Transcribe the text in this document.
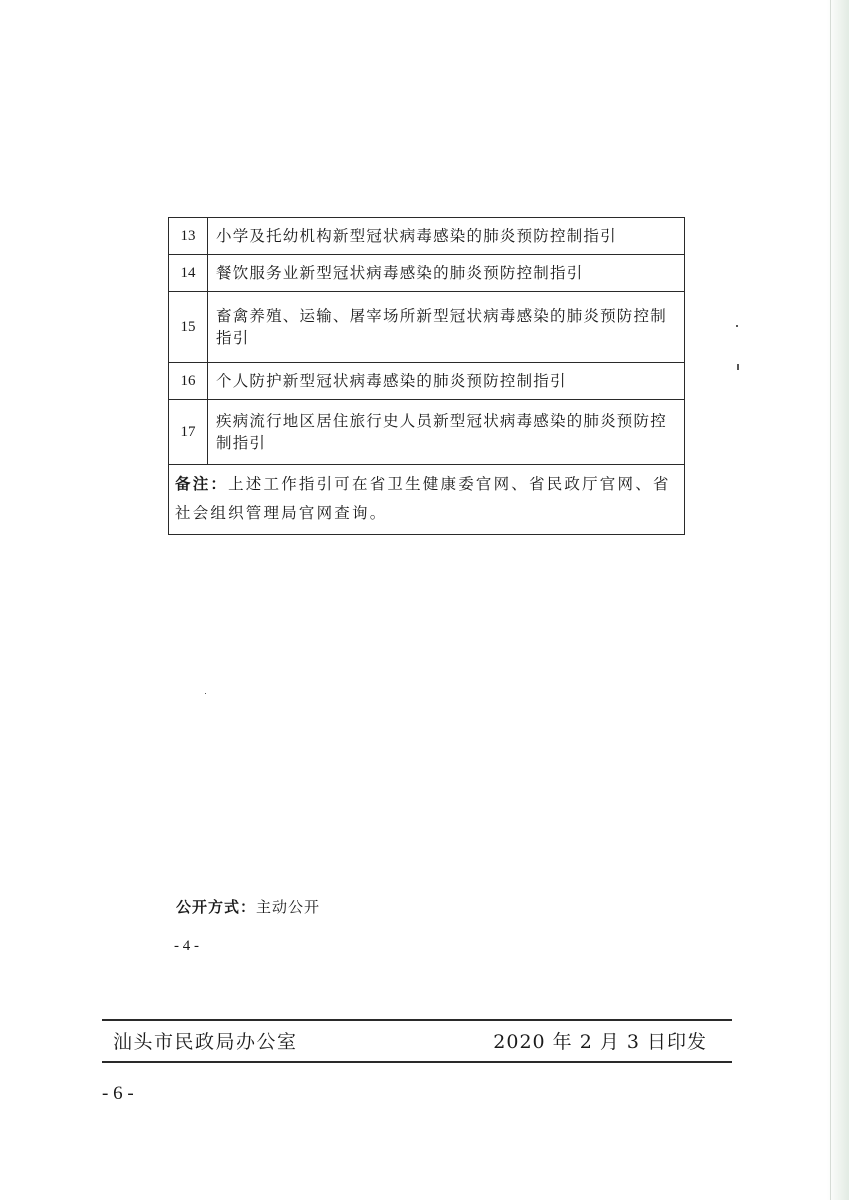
13	小学及托幼机构新型冠状病毒感染的肺炎预防控制指引
14	餐饮服务业新型冠状病毒感染的肺炎预防控制指引
15	畜禽养殖、运输、屠宰场所新型冠状病毒感染的肺炎预防控制指引
16	个人防护新型冠状病毒感染的肺炎预防控制指引
17	疾病流行地区居住旅行史人员新型冠状病毒感染的肺炎预防控制指引
备注：上述工作指引可在省卫生健康委官网、省民政厅官网、省社会组织管理局官网查询。	
公开方式：主动公开
- 4 -
汕头市民政局办公室	2020 年 2 月 3 日印发
- 6 -
